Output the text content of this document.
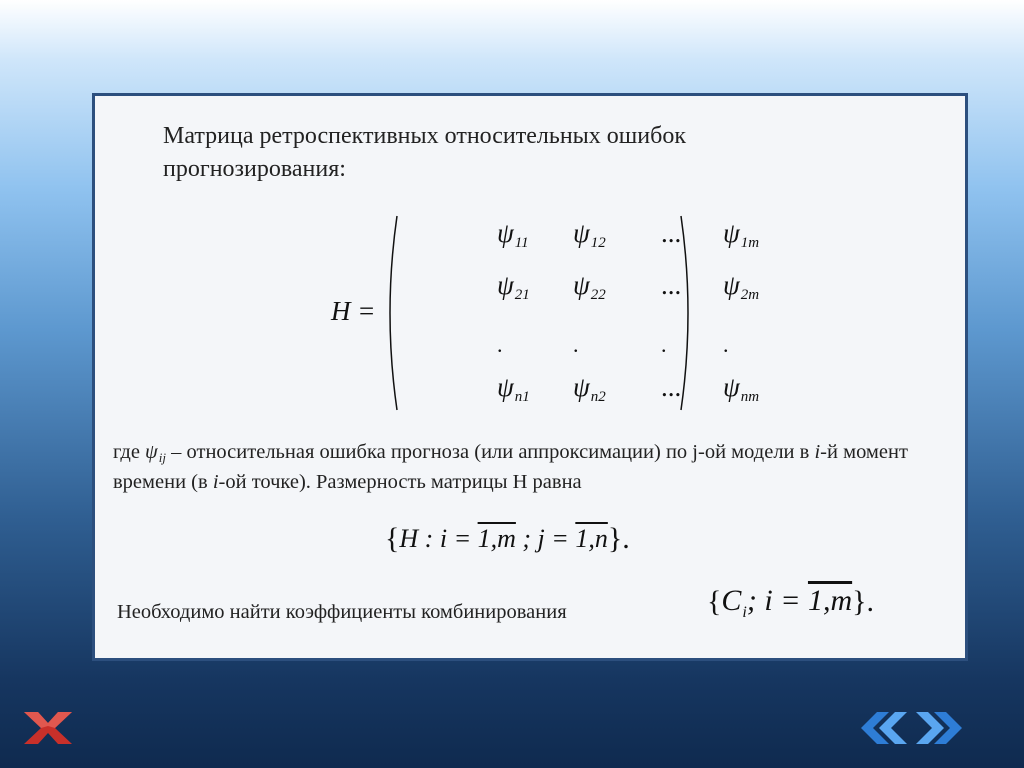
Матрица ретроспективных относительных ошибок прогнозирования:

H =
ψ11 ψ12 ... ψ1m
ψ21 ψ22 ... ψ2m
.	.	.	.
ψn1 ψn2 ... ψnm

где ψij – относительная ошибка прогноза (или аппроксимации) по j-ой модели в i-й момент времени (в i-ой точке). Размерность матрицы H равна

{H : i = 1,m ; j = 1,n}.

Необходимо найти коэффициенты комбинирования	{$C_i$; i = 1,m}.
